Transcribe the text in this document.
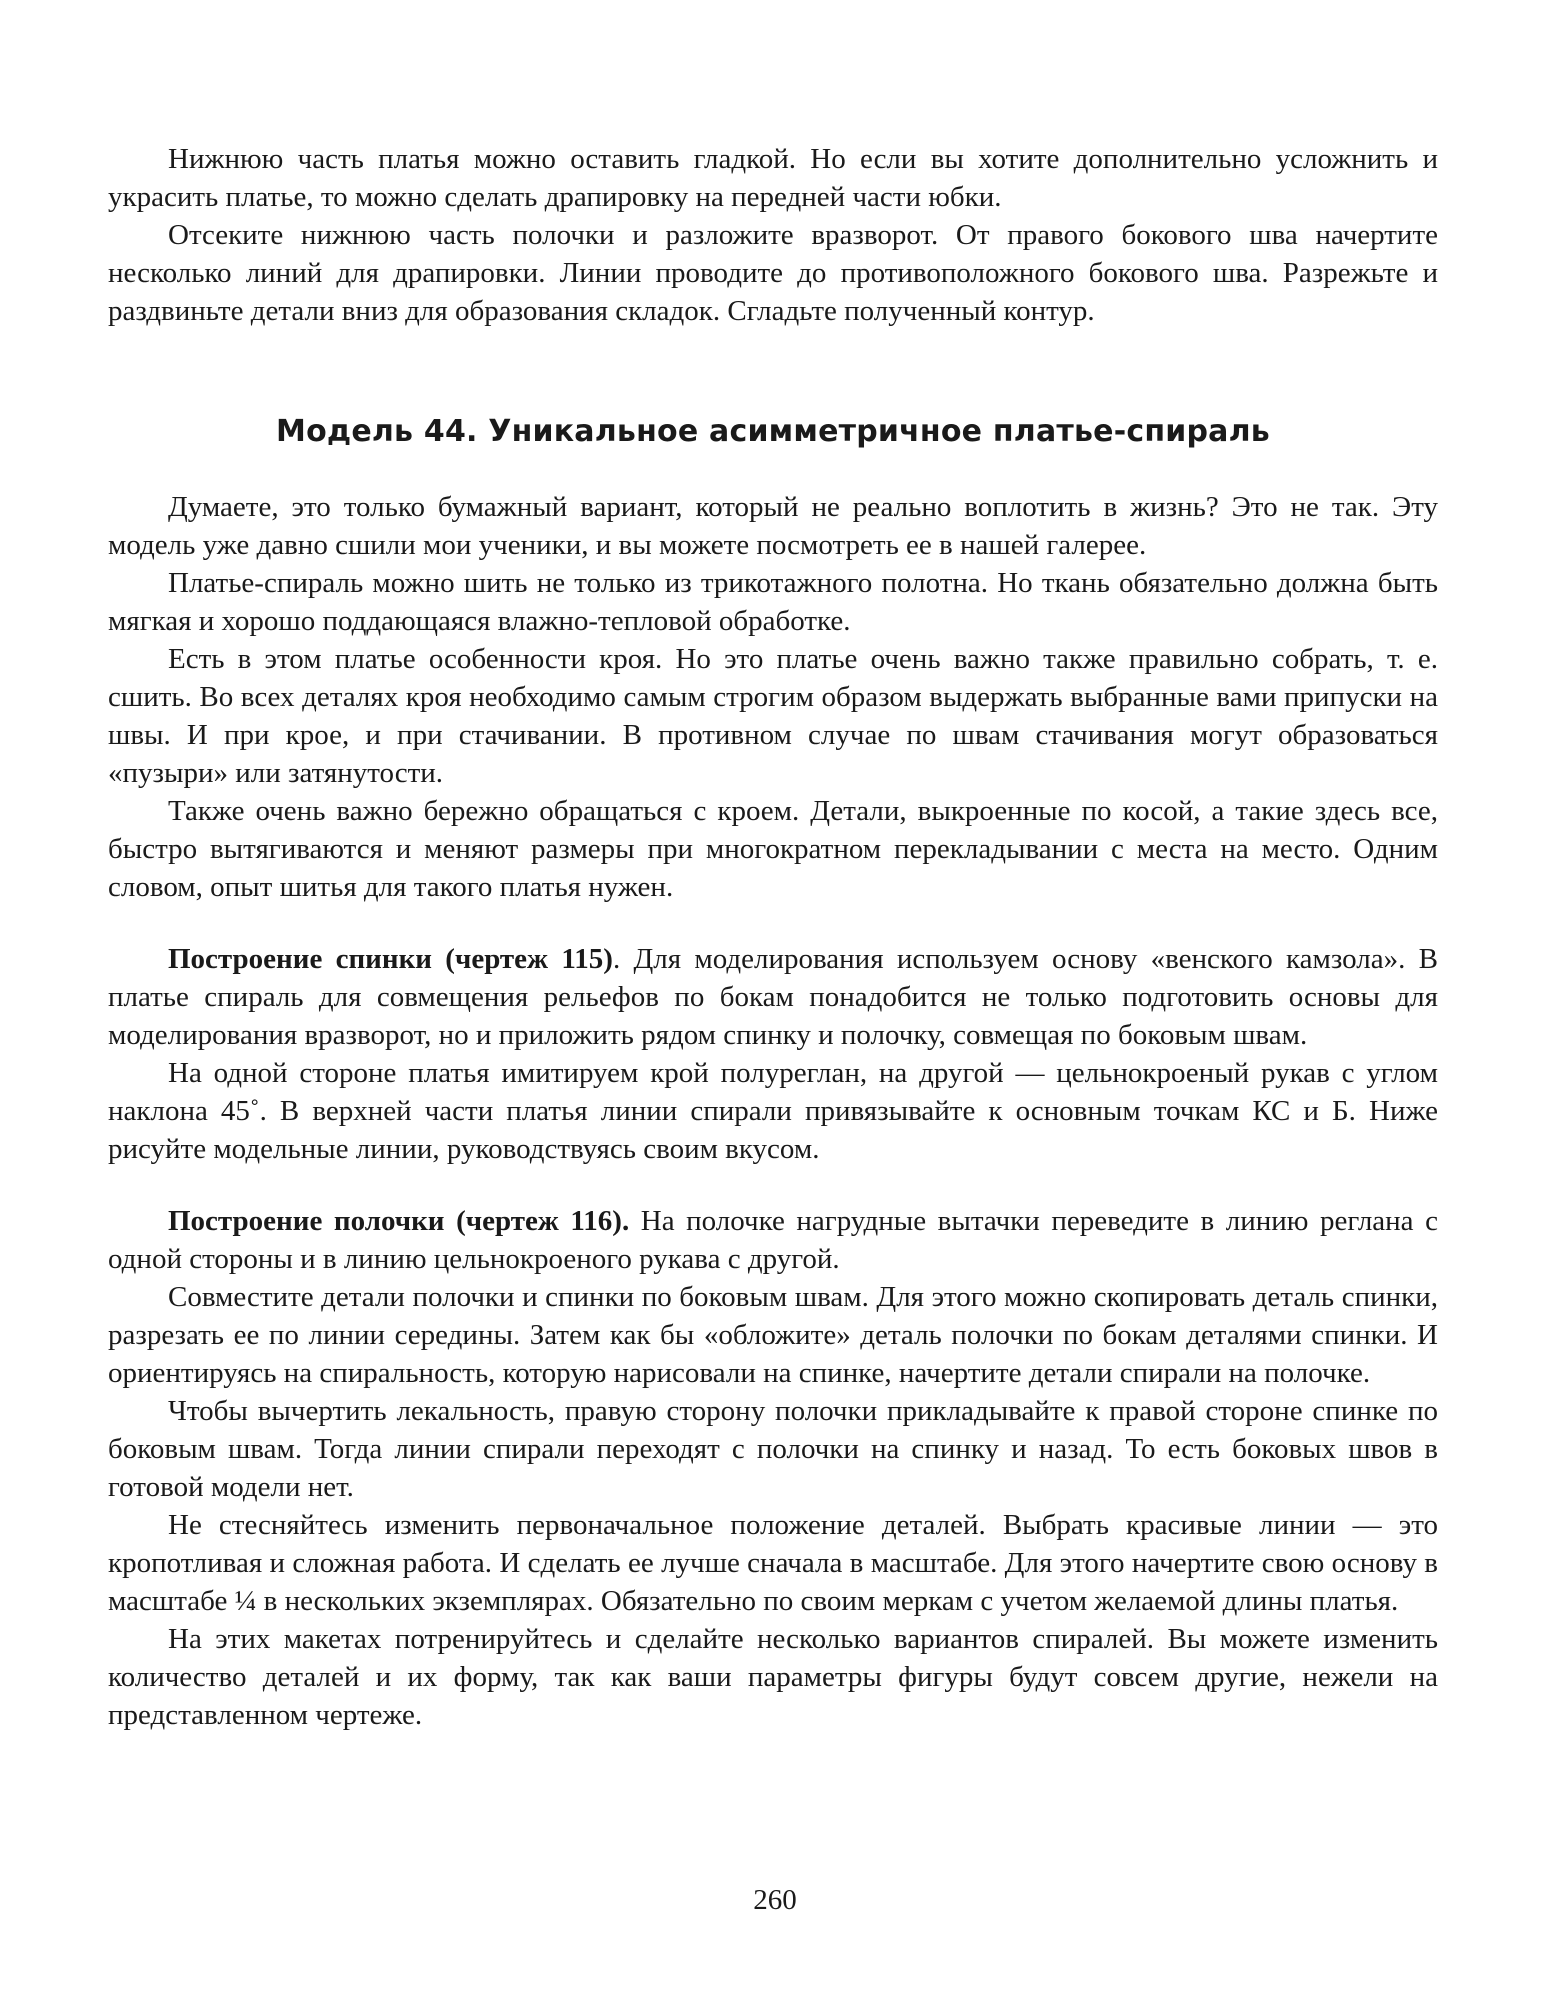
Нижнюю часть платья можно оставить гладкой. Но если вы хотите дополнительно усложнить и украсить платье, то можно сделать драпировку на передней части юбки.

Отсеките нижнюю часть полочки и разложите вразворот. От правого бокового шва начертите несколько линий для драпировки. Линии проводите до противоположного бокового шва. Разрежьте и раздвиньте детали вниз для образования складок. Сгладьте полученный контур.

Модель 44. Уникальное асимметричное платье-спираль

Думаете, это только бумажный вариант, который не реально воплотить в жизнь? Это не так. Эту модель уже давно сшили мои ученики, и вы можете посмотреть ее в нашей галерее.

Платье-спираль можно шить не только из трикотажного полотна. Но ткань обязательно должна быть мягкая и хорошо поддающаяся влажно-тепловой обработке.

Есть в этом платье особенности кроя. Но это платье очень важно также правильно собрать, т. е. сшить. Во всех деталях кроя необходимо самым строгим образом выдержать выбранные вами припуски на швы. И при крое, и при стачивании. В противном случае по швам стачивания могут образоваться «пузыри» или затянутости.

Также очень важно бережно обращаться с кроем. Детали, выкроенные по косой, а такие здесь все, быстро вытягиваются и меняют размеры при многократном перекладывании с места на место. Одним словом, опыт шитья для такого платья нужен.

Построение спинки (чертеж 115). Для моделирования используем основу «венского камзола». В платье спираль для совмещения рельефов по бокам понадобится не только подготовить основы для моделирования вразворот, но и приложить рядом спинку и полочку, совмещая по боковым швам.

На одной стороне платья имитируем крой полуреглан, на другой — цельнокроеный рукав с углом наклона 45˚. В верхней части платья линии спирали привязывайте к основным точкам КС и Б. Ниже рисуйте модельные линии, руководствуясь своим вкусом.

Построение полочки (чертеж 116). На полочке нагрудные вытачки переведите в линию реглана с одной стороны и в линию цельнокроеного рукава с другой.

Совместите детали полочки и спинки по боковым швам. Для этого можно скопировать деталь спинки, разрезать ее по линии середины. Затем как бы «обложите» деталь полочки по бокам деталями спинки. И ориентируясь на спиральность, которую нарисовали на спинке, начертите детали спирали на полочке.

Чтобы вычертить лекальность, правую сторону полочки прикладывайте к правой стороне спинке по боковым швам. Тогда линии спирали переходят с полочки на спинку и назад. То есть боковых швов в готовой модели нет.

Не стесняйтесь изменить первоначальное положение деталей. Выбрать красивые линии — это кропотливая и сложная работа. И сделать ее лучше сначала в масштабе. Для этого начертите свою основу в масштабе ¼ в нескольких экземплярах. Обязательно по своим меркам с учетом желаемой длины платья.

На этих макетах потренируйтесь и сделайте несколько вариантов спиралей. Вы можете изменить количество деталей и их форму, так как ваши параметры фигуры будут совсем другие, нежели на представленном чертеже.

260
